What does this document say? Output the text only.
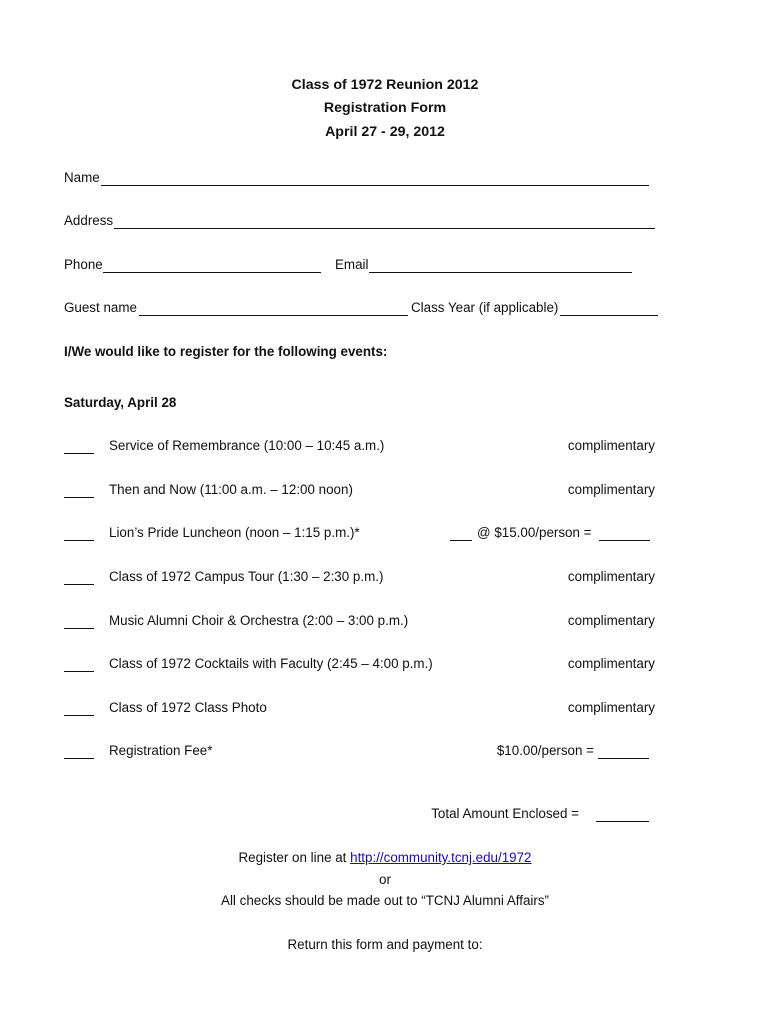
Class of 1972 Reunion 2012
Registration Form
April 27 - 29, 2012
Name
Address
Phone	Email
Guest name	Class Year (if applicable)
I/We would like to register for the following events:
Saturday, April 28
Service of Remembrance (10:00 – 10:45 a.m.)	complimentary
Then and Now (11:00 a.m. – 12:00 noon)	complimentary
Lion’s Pride Luncheon (noon – 1:15 p.m.)*	@ $15.00/person =
Class of 1972 Campus Tour (1:30 – 2:30 p.m.)	complimentary
Music Alumni Choir & Orchestra (2:00 – 3:00 p.m.)	complimentary
Class of 1972 Cocktails with Faculty (2:45 – 4:00 p.m.)	complimentary
Class of 1972 Class Photo	complimentary
Registration Fee*	$10.00/person =
Total Amount Enclosed =
Register on line at http://community.tcnj.edu/1972
or
All checks should be made out to “TCNJ Alumni Affairs”
Return this form and payment to:
